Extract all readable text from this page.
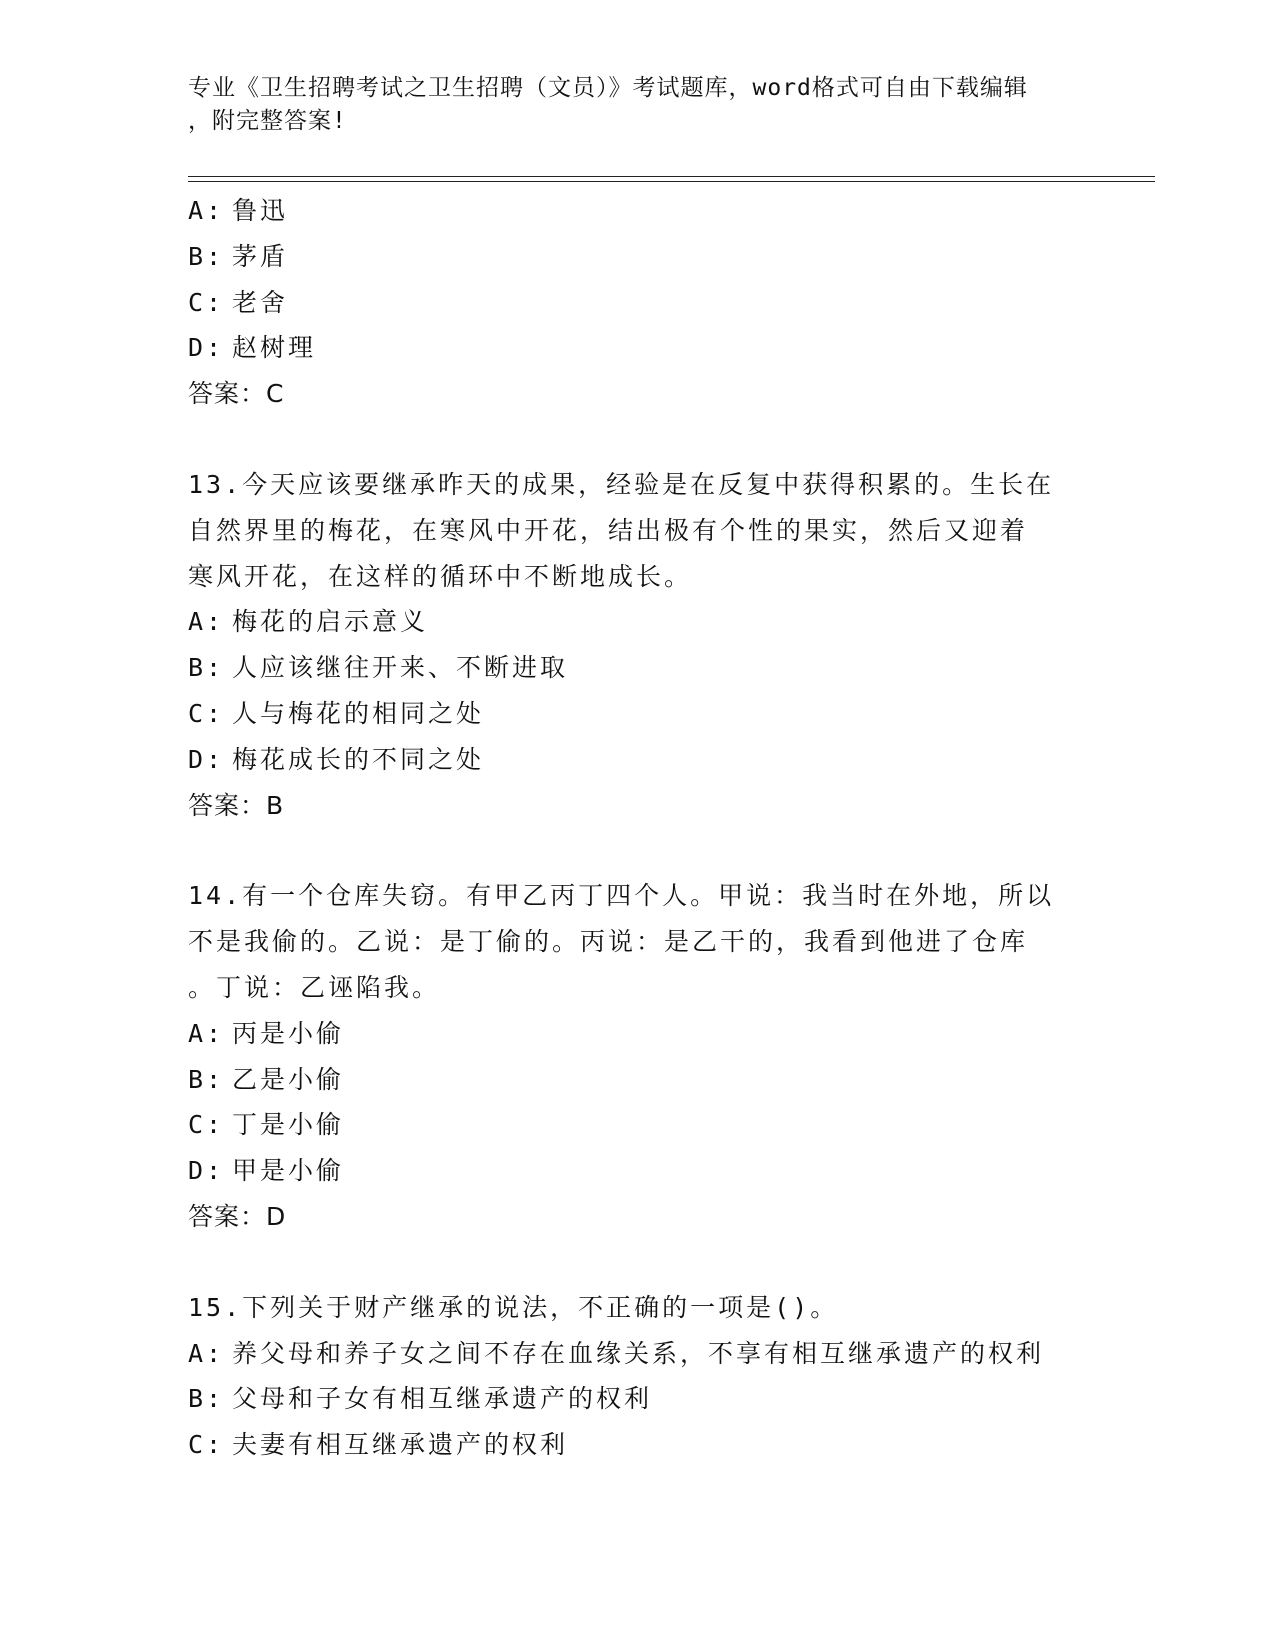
专业《卫生招聘考试之卫生招聘（文员）》考试题库，word格式可自由下载编辑
，附完整答案!
A: 鲁迅
B: 茅盾
C: 老舍
D: 赵树理
答案：C
13.今天应该要继承昨天的成果，经验是在反复中获得积累的。生长在
自然界里的梅花，在寒风中开花，结出极有个性的果实，然后又迎着
寒风开花，在这样的循环中不断地成长。
A: 梅花的启示意义
B: 人应该继往开来、不断进取
C: 人与梅花的相同之处
D: 梅花成长的不同之处
答案：B
14.有一个仓库失窃。有甲乙丙丁四个人。甲说：我当时在外地，所以
不是我偷的。乙说：是丁偷的。丙说：是乙干的，我看到他进了仓库
。丁说：乙诬陷我。
A: 丙是小偷
B: 乙是小偷
C: 丁是小偷
D: 甲是小偷
答案：D
15.下列关于财产继承的说法，不正确的一项是()。
A: 养父母和养子女之间不存在血缘关系，不享有相互继承遗产的权利
B: 父母和子女有相互继承遗产的权利
C: 夫妻有相互继承遗产的权利
